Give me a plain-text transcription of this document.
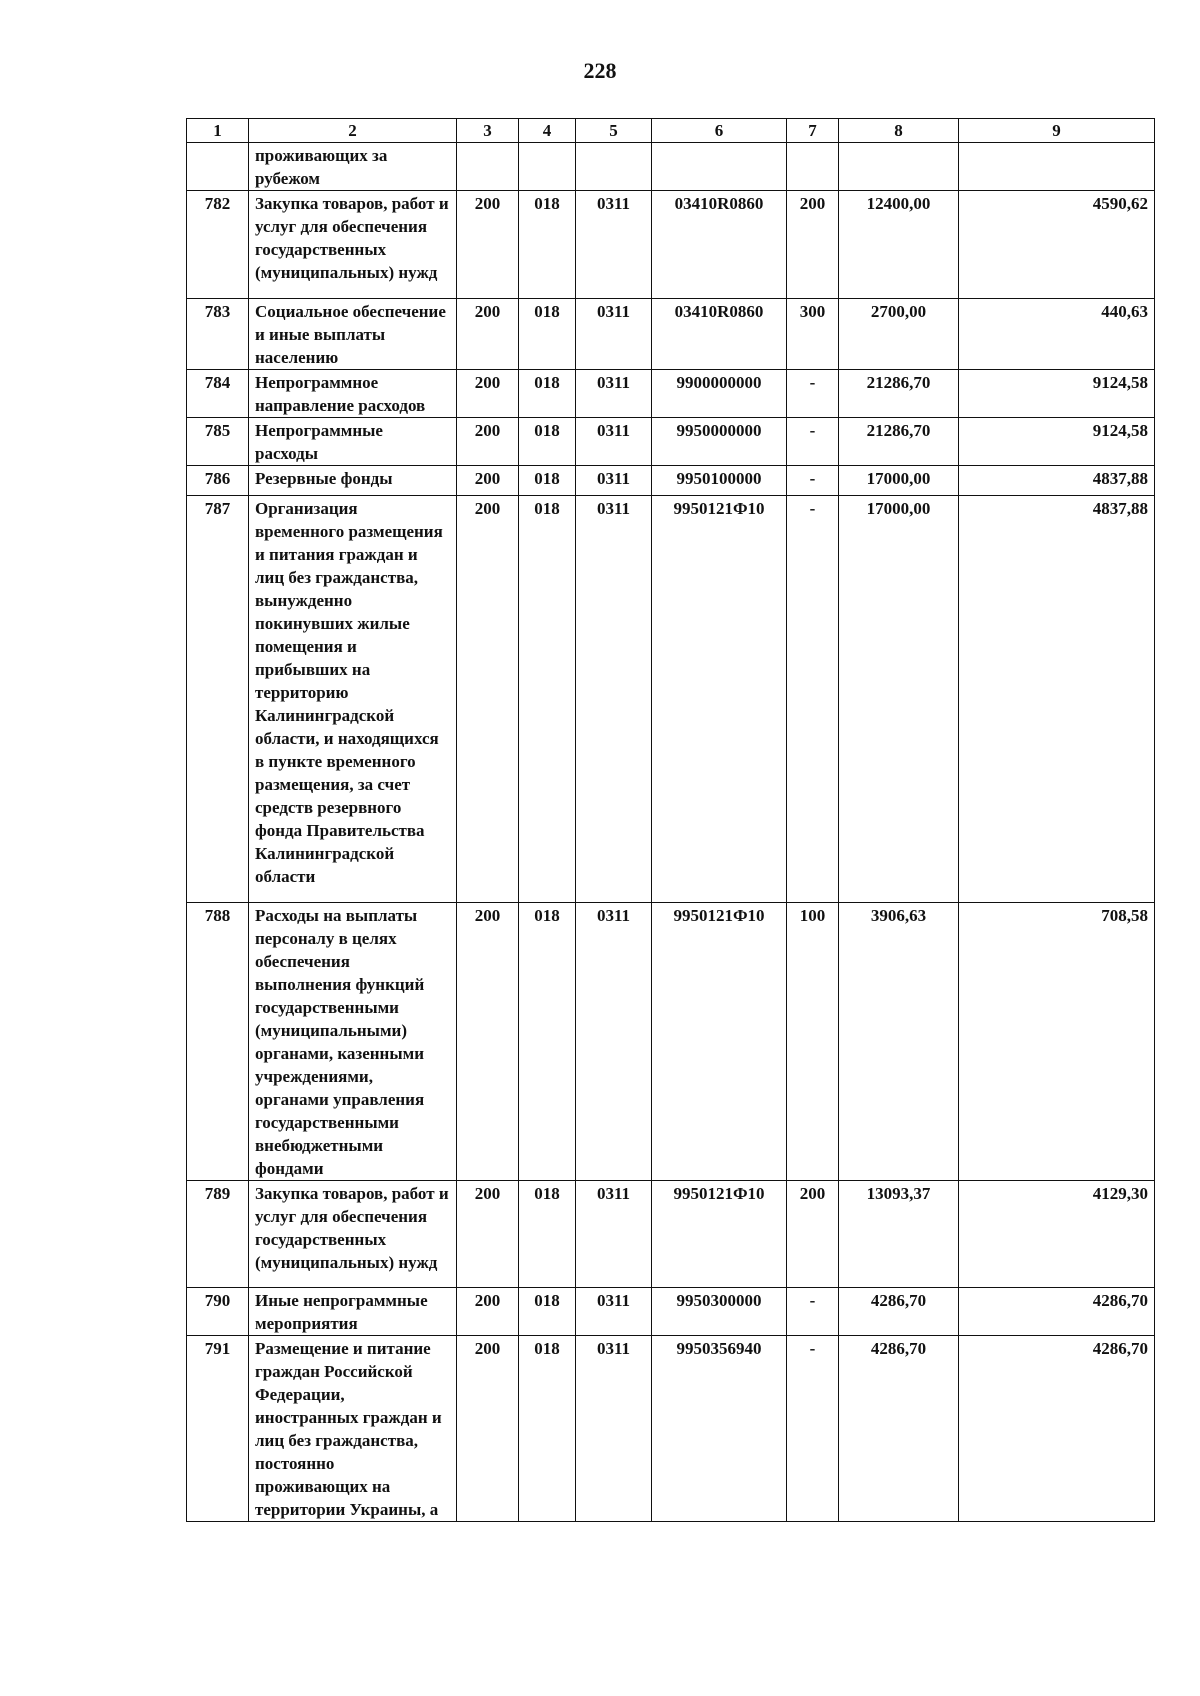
228
1	2	3	4	5	6	7	8	9
	проживающих за рубежом							
782	Закупка товаров, работ и услуг для обеспечения государственных (муниципальных) нужд	200	018	0311	03410R0860	200	12400,00	4590,62
783	Социальное обеспечение и иные выплаты населению	200	018	0311	03410R0860	300	2700,00	440,63
784	Непрограммное направление расходов	200	018	0311	9900000000	-	21286,70	9124,58
785	Непрограммные расходы	200	018	0311	9950000000	-	21286,70	9124,58
786	Резервные фонды	200	018	0311	9950100000	-	17000,00	4837,88
787	Организация временного размещения и питания граждан и лиц без гражданства, вынужденно покинувших жилые помещения и прибывших на территорию Калининградской области, и находящихся в пункте временного размещения, за счет средств резервного фонда Правительства Калининградской области	200	018	0311	9950121Ф10	-	17000,00	4837,88
788	Расходы на выплаты персоналу в целях обеспечения выполнения функций государственными (муниципальными) органами, казенными учреждениями, органами управления государственными внебюджетными фондами	200	018	0311	9950121Ф10	100	3906,63	708,58
789	Закупка товаров, работ и услуг для обеспечения государственных (муниципальных) нужд	200	018	0311	9950121Ф10	200	13093,37	4129,30
790	Иные непрограммные мероприятия	200	018	0311	9950300000	-	4286,70	4286,70
791	Размещение и питание граждан Российской Федерации, иностранных граждан и лиц без гражданства, постоянно проживающих на территории Украины, а	200	018	0311	9950356940	-	4286,70	4286,70
